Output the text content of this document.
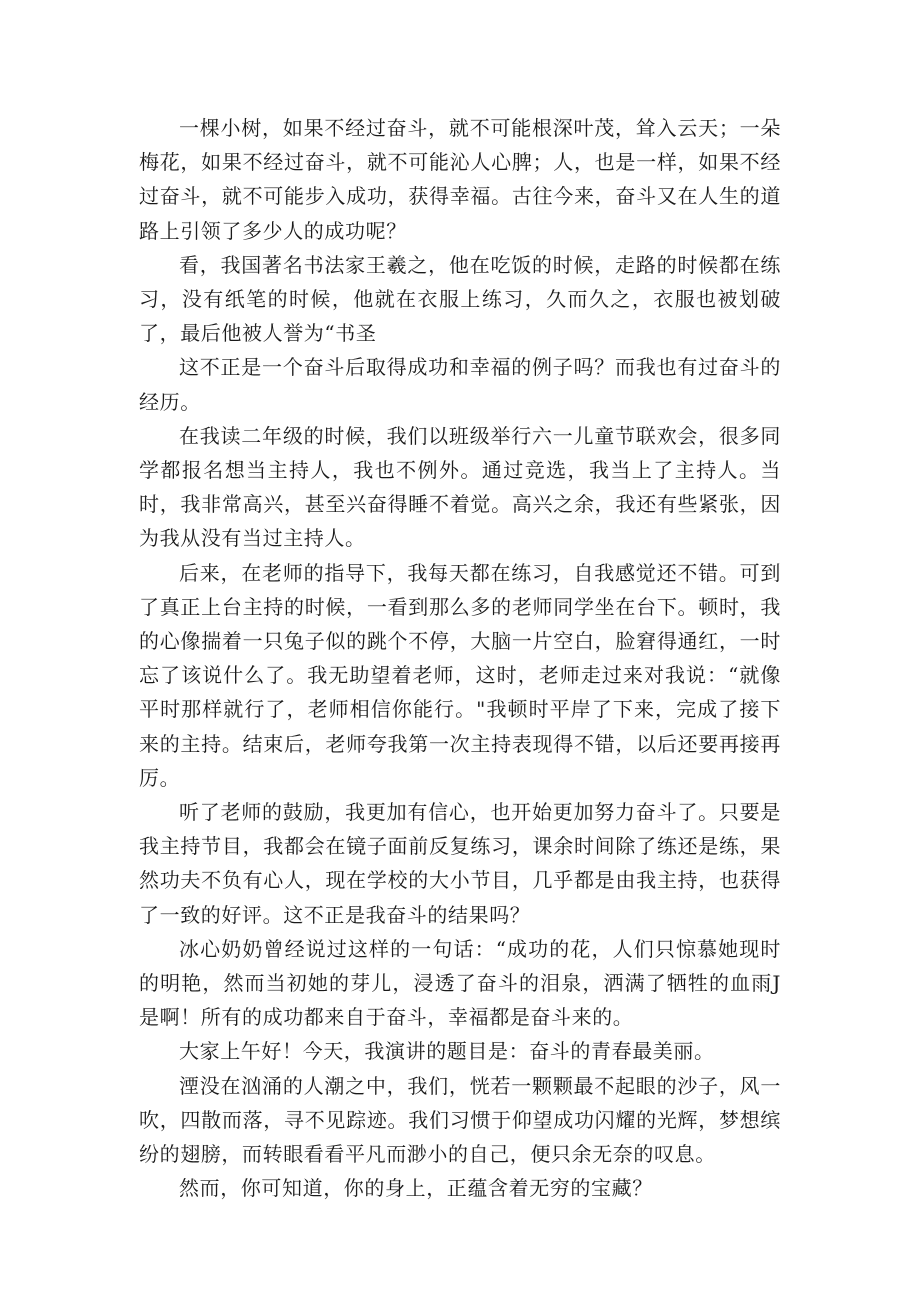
一棵小树，如果不经过奋斗，就不可能根深叶茂，耸入云天；一朵梅花，如果不经过奋斗，就不可能沁人心脾；人，也是一样，如果不经过奋斗，就不可能步入成功，获得幸福。古往今来，奋斗又在人生的道路上引领了多少人的成功呢？

看，我国著名书法家王羲之，他在吃饭的时候，走路的时候都在练习，没有纸笔的时候，他就在衣服上练习，久而久之，衣服也被划破了，最后他被人誉为“书圣

这不正是一个奋斗后取得成功和幸福的例子吗？而我也有过奋斗的经历。

在我读二年级的时候，我们以班级举行六一儿童节联欢会，很多同学都报名想当主持人，我也不例外。通过竞选，我当上了主持人。当时，我非常高兴，甚至兴奋得睡不着觉。高兴之余，我还有些紧张，因为我从没有当过主持人。

后来，在老师的指导下，我每天都在练习，自我感觉还不错。可到了真正上台主持的时候，一看到那么多的老师同学坐在台下。顿时，我的心像揣着一只兔子似的跳个不停，大脑一片空白，脸窘得通红，一时忘了该说什么了。我无助望着老师，这时，老师走过来对我说：“就像平时那样就行了，老师相信你能行。"我顿时平岸了下来，完成了接下来的主持。结束后，老师夸我第一次主持表现得不错，以后还要再接再厉。

听了老师的鼓励，我更加有信心，也开始更加努力奋斗了。只要是我主持节目，我都会在镜子面前反复练习，课余时间除了练还是练，果然功夫不负有心人，现在学校的大小节目，几乎都是由我主持，也获得了一致的好评。这不正是我奋斗的结果吗？

冰心奶奶曾经说过这样的一句话：“成功的花，人们只惊慕她现时的明艳，然而当初她的芽儿，浸透了奋斗的泪泉，洒满了牺牲的血雨J是啊！所有的成功都来自于奋斗，幸福都是奋斗来的。

大家上午好！今天，我演讲的题目是：奋斗的青春最美丽。

湮没在汹涌的人潮之中，我们，恍若一颗颗最不起眼的沙子，风一吹，四散而落，寻不见踪迹。我们习惯于仰望成功闪耀的光辉，梦想缤纷的翅膀，而转眼看看平凡而渺小的自己，便只余无奈的叹息。

然而，你可知道，你的身上，正蕴含着无穷的宝藏？
